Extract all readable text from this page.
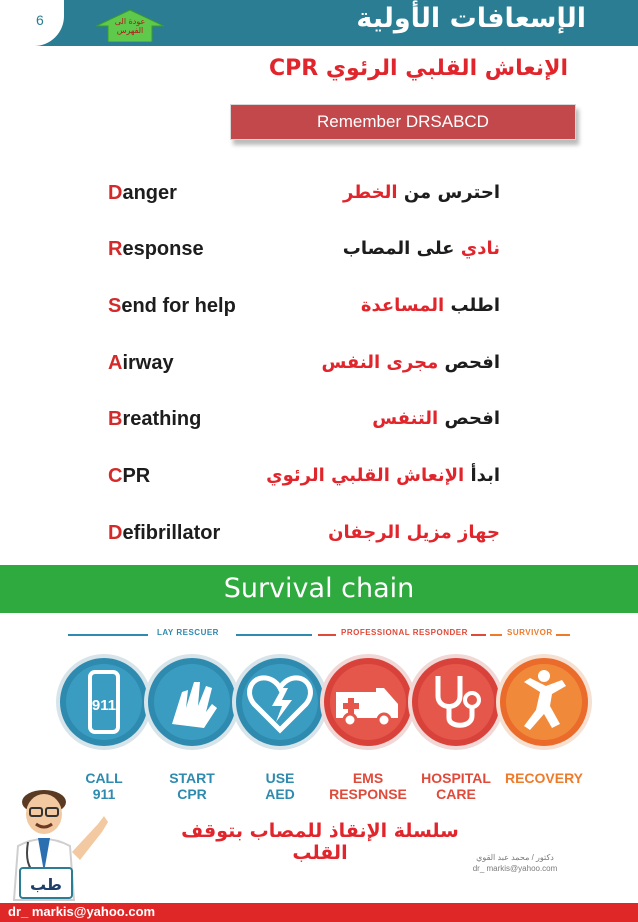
6	عودة الى الفهرس	الإسعافات الأولية
الإنعاش القلبي الرئوي CPR
Remember DRSABCD
Danger	احترس من الخطر
Response	نادي على المصاب
Send for help	اطلب المساعدة
Airway	افحص مجرى النفس
Breathing	افحص التنفس
CPR	ابدأ الإنعاش القلبي الرئوي
Defibrillator	جهاز مزيل الرجفان
Survival chain
LAY RESCUER	PROFESSIONAL RESPONDER	SURVIVOR
911
CALL
911
START
CPR
USE
AED
EMS
RESPONSE
HOSPITAL
CARE
RECOVERY
سلسلة الإنقاذ للمصاب بتوقف القلب	دكتور / محمد عبد القوي
dr_ markis@yahoo.com
طب
dr_ markis@yahoo.com
